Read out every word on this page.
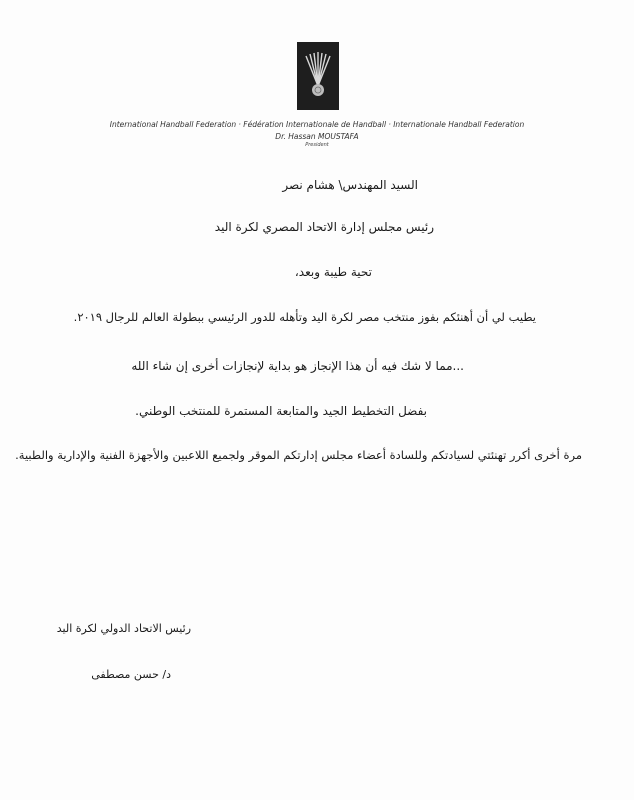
International Handball Federation · Fédération Internationale de Handball · Internationale Handball Federation
Dr. Hassan MOUSTAFA
President
السيد المهندس\ هشام نصر
رئيس مجلس إدارة الاتحاد المصري لكرة اليد
تحية طيبة وبعد،
يطيب لي أن أهنئكم بفوز منتخب مصر لكرة اليد وتأهله للدور الرئيسي ببطولة العالم للرجال ٢٠١٩.
...مما لا شك فيه أن هذا الإنجاز هو بداية لإنجازات أخرى إن شاء الله
بفضل التخطيط الجيد والمتابعة المستمرة للمنتخب الوطني.
مرة أخرى أكرر تهنئتي لسيادتكم وللسادة أعضاء مجلس إدارتكم الموقر ولجميع اللاعبين والأجهزة الفنية والإدارية والطبية.
رئيس الاتحاد الدولي لكرة اليد
د/ حسن مصطفى
